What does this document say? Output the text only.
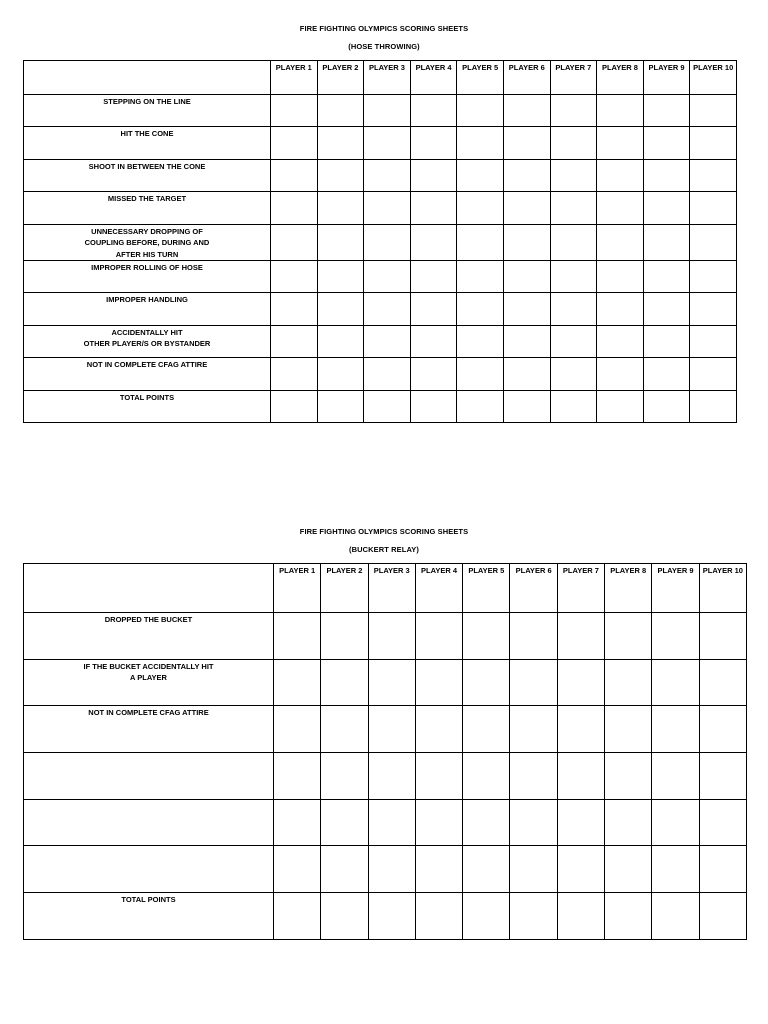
FIRE FIGHTING OLYMPICS SCORING SHEETS
(HOSE THROWING)
	PLAYER 1	PLAYER 2	PLAYER 3	PLAYER 4	PLAYER 5	PLAYER 6	PLAYER 7	PLAYER 8	PLAYER 9	PLAYER 10

STEPPING ON THE LINE										

HIT THE CONE										

SHOOT IN BETWEEN THE CONE										

MISSED THE TARGET										

UNNECESSARY DROPPING OF
COUPLING BEFORE, DURING AND
AFTER HIS TURN										

IMPROPER ROLLING OF HOSE										

IMPROPER HANDLING										

ACCIDENTALLY HIT
OTHER PLAYER/S OR BYSTANDER										

NOT IN COMPLETE CFAG ATTIRE										

TOTAL POINTS										

FIRE FIGHTING OLYMPICS SCORING SHEETS
(BUCKERT RELAY)
	PLAYER 1	PLAYER 2	PLAYER 3	PLAYER 4	PLAYER 5	PLAYER 6	PLAYER 7	PLAYER 8	PLAYER 9	PLAYER 10

DROPPED THE BUCKET										

IF THE BUCKET ACCIDENTALLY HIT
A PLAYER										

NOT IN COMPLETE CFAG ATTIRE										

TOTAL POINTS										
